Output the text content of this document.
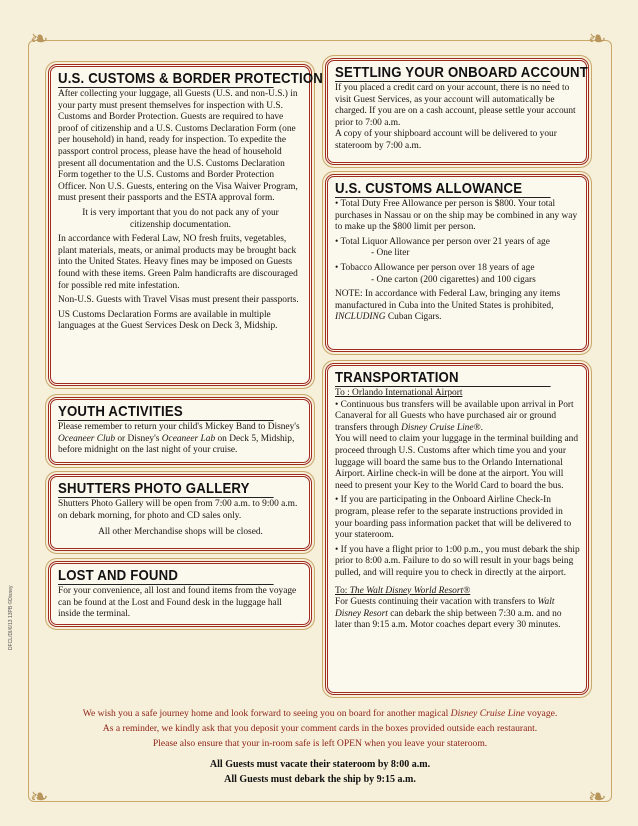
❧	❧
❧	❧
U.S. CUSTOMS & BORDER PROTECTION

After collecting your luggage, all Guests (U.S. and non-U.S.) in your party must present themselves for inspection with U.S. Customs and Border Protection. Guests are required to have proof of citizenship and a U.S. Customs Declaration Form (one per household) in hand, ready for inspection. To expedite the passport control process, please have the head of household present all documentation and the U.S. Customs Declaration Form together to the U.S. Customs and Border Protection Officer. Non U.S. Guests, entering on the Visa Waiver Program, must present their passports and the ESTA approval form.

It is very important that you do not pack any of your citizenship documentation.

In accordance with Federal Law, NO fresh fruits, vegetables, plant materials, meats, or animal products may be brought back into the United States. Heavy fines may be imposed on Guests found with these items. Green Palm handicrafts are discouraged for possible red mite infestation.

Non-U.S. Guests with Travel Visas must present their passports.

US Customs Declaration Forms are available in multiple languages at the Guest Services Desk on Deck 3, Midship.

YOUTH ACTIVITIES

Please remember to return your child's Mickey Band to Disney's Oceaneer Club or Disney's Oceaneer Lab on Deck 5, Midship, before midnight on the last night of your cruise.

SHUTTERS PHOTO GALLERY

Shutters Photo Gallery will be open from 7:00 a.m. to 9:00 a.m. on debark morning, for photo and CD sales only.

All other Merchandise shops will be closed.

LOST AND FOUND

For your convenience, all lost and found items from the voyage can be found at the Lost and Found desk in the luggage hall inside the terminal.

SETTLING YOUR ONBOARD ACCOUNT

If you placed a credit card on your account, there is no need to visit Guest Services, as your account will automatically be charged. If you are on a cash account, please settle your account prior to 7:00 a.m.

A copy of your shipboard account will be delivered to your stateroom by 7:00 a.m.

U.S. CUSTOMS ALLOWANCE

• Total Duty Free Allowance per person is $800. Your total purchases in Nassau or on the ship may be combined in any way to make up the $800 limit per person.

• Total Liquor Allowance per person over 21 years of age

- One liter

• Tobacco Allowance per person over 18 years of age

- One carton (200 cigarettes) and 100 cigars

NOTE: In accordance with Federal Law, bringing any items manufactured in Cuba into the United States is prohibited, INCLUDING Cuban Cigars.

TRANSPORTATION

To : Orlando International Airport

• Continuous bus transfers will be available upon arrival in Port Canaveral for all Guests who have purchased air or ground transfers through Disney Cruise Line®.

You will need to claim your luggage in the terminal building and proceed through U.S. Customs after which time you and your luggage will board the same bus to the Orlando International Airport. Airline check-in will be done at the airport. You will need to present your Key to the World Card to board the bus.

• If you are participating in the Onboard Airline Check-In program, please refer to the separate instructions provided in your boarding pass information packet that will be delivered to your stateroom.

• If you have a flight prior to 1:00 p.m., you must debark the ship prior to 8:00 a.m. Failure to do so will result in your bags being pulled, and will require you to check in directly at the airport.

To: The Walt Disney World Resort®

For Guests continuing their vacation with transfers to Walt Disney Resort can debark the ship between 7:30 a.m. and no later than 9:15 a.m. Motor coaches depart every 30 minutes.

We wish you a safe journey home and look forward to seeing you on board for another magical Disney Cruise Line voyage.
As a reminder, we kindly ask that you deposit your comment cards in the boxes provided outside each restaurant.
Please also ensure that your in-room safe is left OPEN when you leave your stateroom.
All Guests must vacate their stateroom by 8:00 a.m.
All Guests must debark the ship by 9:15 a.m.
DFCL/DI/6/13 13PB ©Disney
